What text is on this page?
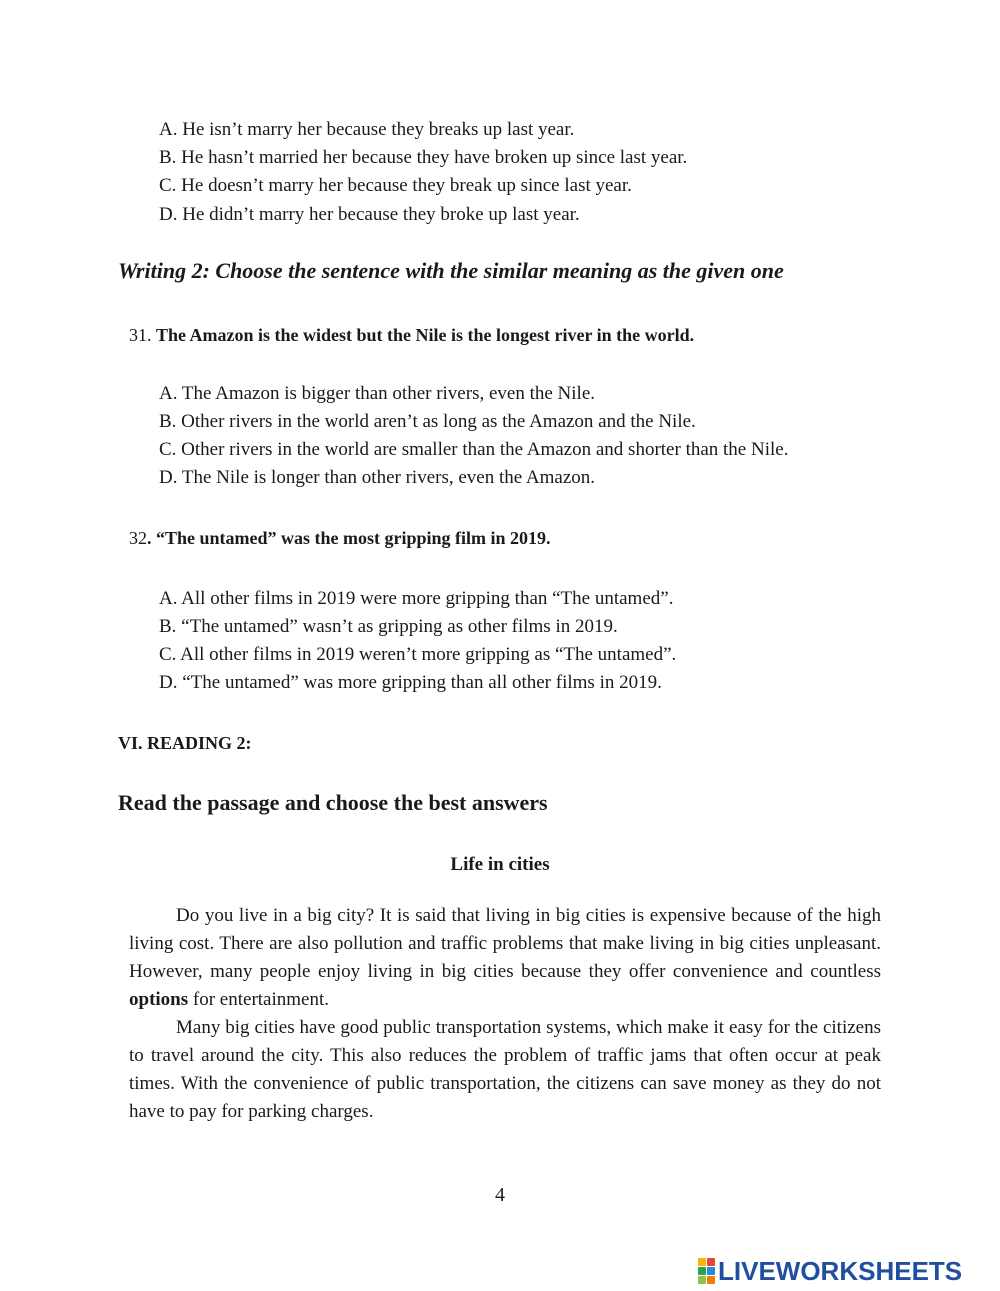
A. He isn’t marry her because they breaks up last year.
B. He hasn’t married her because they have broken up since last year.
C. He doesn’t marry her because they break up since last year.
D. He didn’t marry her because they broke up last year.
Writing 2: Choose the sentence with the similar meaning as the given one
31. The Amazon is the widest but the Nile is the longest river in the world.
A. The Amazon is bigger than other rivers, even the Nile.
B. Other rivers in the world aren’t as long as the Amazon and the Nile.
C. Other rivers in the world are smaller than the Amazon and shorter than the Nile.
D. The Nile is longer than other rivers, even the Amazon.
32. “The untamed” was the most gripping film in 2019.
A. All other films in 2019 were more gripping than “The untamed”.
B. “The untamed” wasn’t as gripping as other films in 2019.
C. All other films in 2019 weren’t more gripping as “The untamed”.
D. “The untamed” was more gripping than all other films in 2019.
VI. READING 2:
Read the passage and choose the best answers
Life in cities

Do you live in a big city? It is said that living in big cities is expensive because of the high living cost. There are also pollution and traffic problems that make living in big cities unpleasant. However, many people enjoy living in big cities because they offer convenience and countless options for entertainment.

Many big cities have good public transportation systems, which make it easy for the citizens to travel around the city. This also reduces the problem of traffic jams that often occur at peak times. With the convenience of public transportation, the citizens can save money as they do not have to pay for parking charges.

4
LIVEWORKSHEETS
